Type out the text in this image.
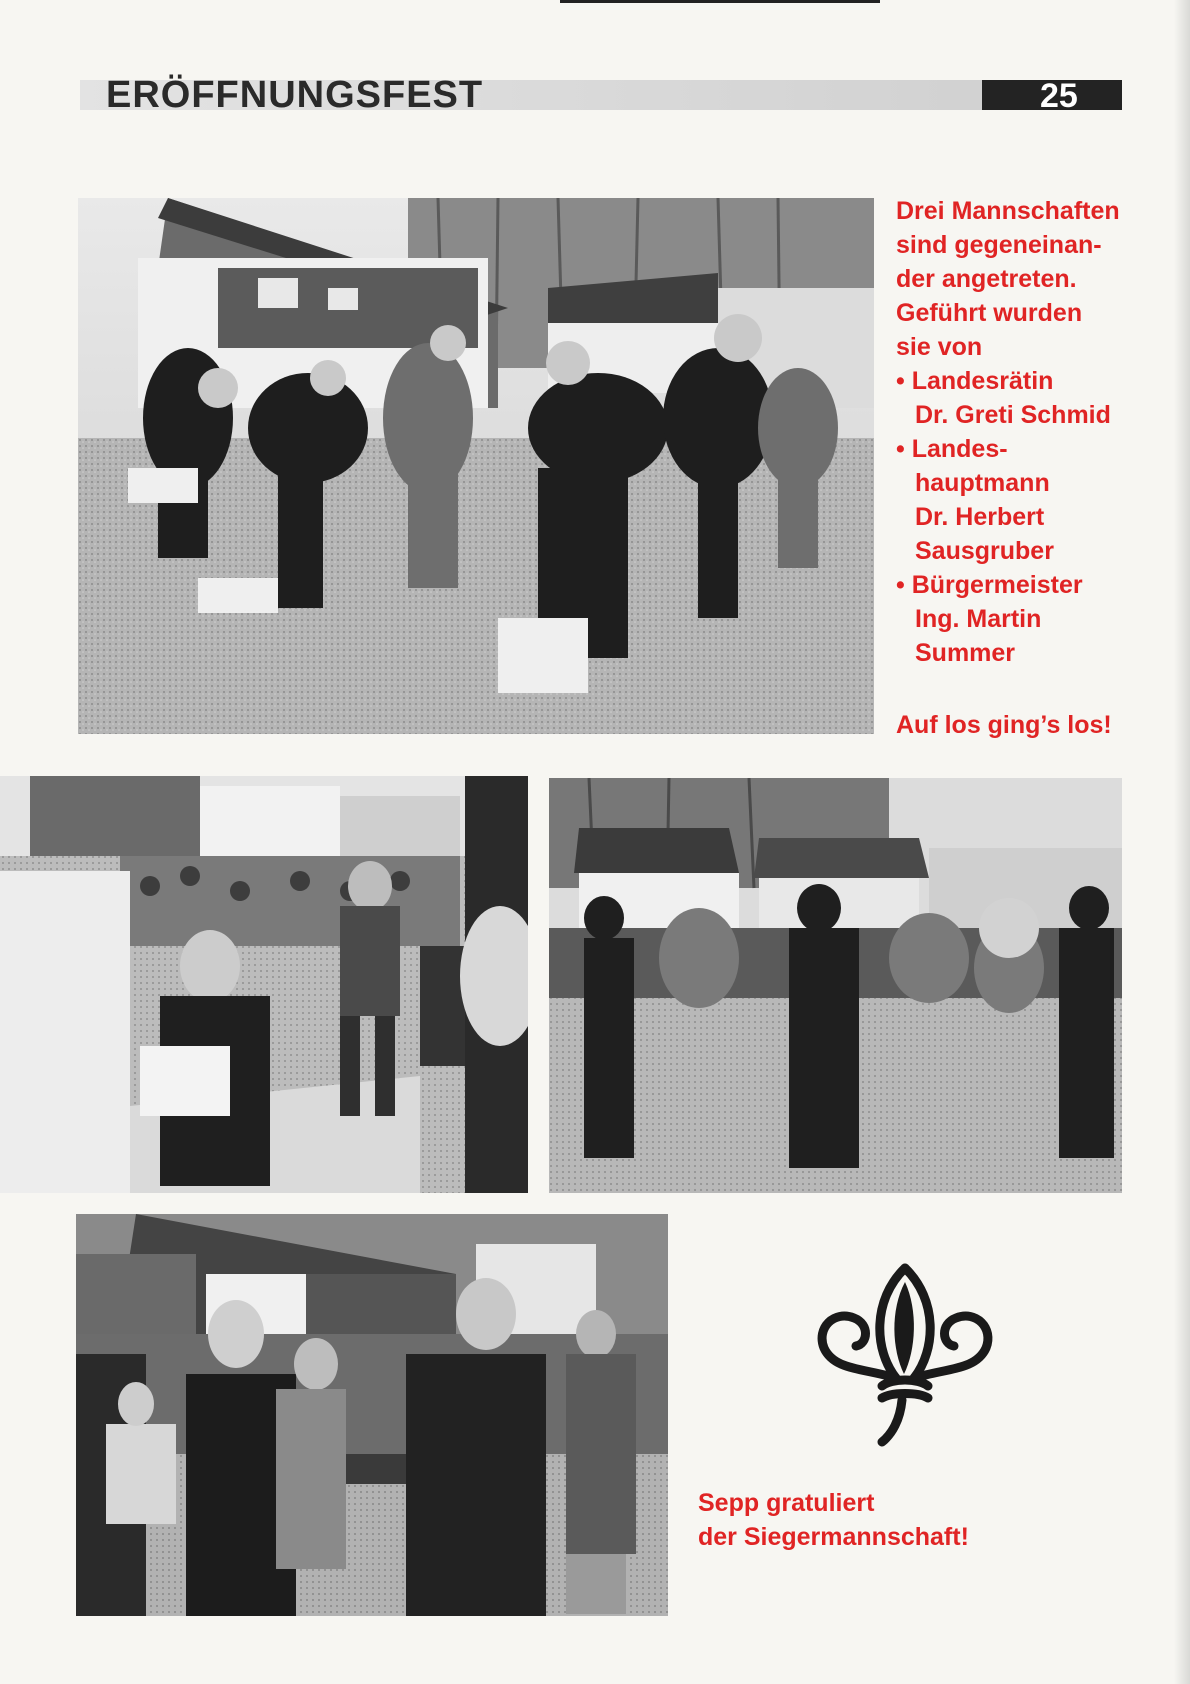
ERÖFFNUNGSFEST	25
Drei Mannschaften
sind gegeneinan-
der angetreten.
Geführt wurden
sie von
• Landesrätin
Dr. Greti Schmid
• Landes-
hauptmann
Dr. Herbert
Sausgruber
• Bürgermeister
Ing. Martin
Summer
Auf los ging’s los!
Sepp gratuliert
der Siegermannschaft!
